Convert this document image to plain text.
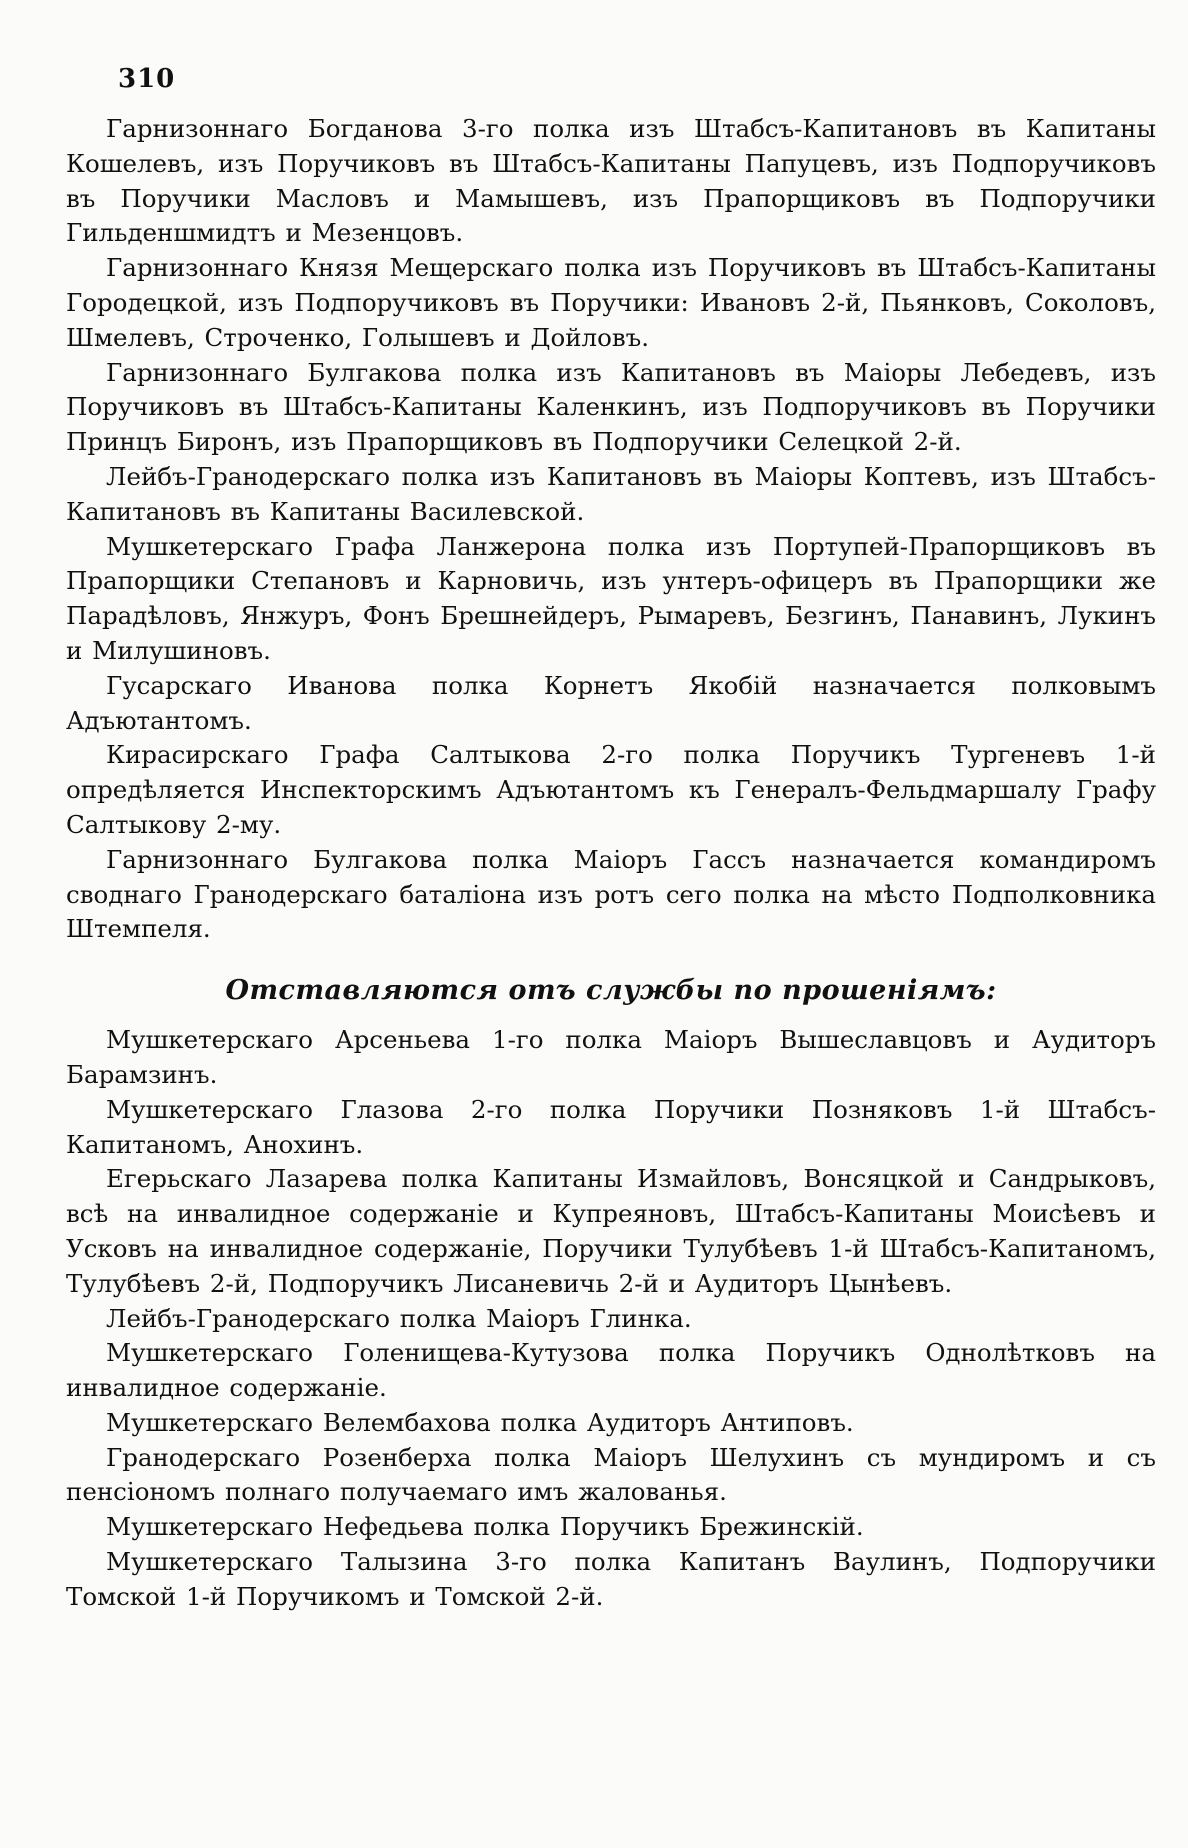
310

Гарнизоннаго Богданова 3-го полка изъ Штабсъ-Капитановъ въ Капитаны Кошелевъ, изъ Поручиковъ въ Штабсъ-Капитаны Папуцевъ, изъ Подпоручиковъ въ Поручики Масловъ и Мамышевъ, изъ Прапорщиковъ въ Подпоручики Гильденшмидтъ и Мезенцовъ.

Гарнизоннаго Князя Мещерскаго полка изъ Поручиковъ въ Штабсъ-Капитаны Городецкой, изъ Подпоручиковъ въ Поручики: Ивановъ 2-й, Пьянковъ, Соколовъ, Шмелевъ, Строченко, Голышевъ и Дойловъ.

Гарнизоннаго Булгакова полка изъ Капитановъ въ Маіоры Лебедевъ, изъ Поручиковъ въ Штабсъ-Капитаны Каленкинъ, изъ Подпоручиковъ въ Поручики Принцъ Биронъ, изъ Прапорщиковъ въ Подпоручики Селецкой 2-й.

Лейбъ-Гранодерскаго полка изъ Капитановъ въ Маіоры Коптевъ, изъ Штабсъ-Капитановъ въ Капитаны Василевской.

Мушкетерскаго Графа Ланжерона полка изъ Портупей-Прапорщиковъ въ Прапорщики Степановъ и Карновичь, изъ унтеръ-офицеръ въ Прапорщики же Парадѣловъ, Янжуръ, Фонъ Брешнейдеръ, Рымаревъ, Безгинъ, Панавинъ, Лукинъ и Милушиновъ.

Гусарскаго Иванова полка Корнетъ Якобій назначается полковымъ Адъютантомъ.

Кирасирскаго Графа Салтыкова 2-го полка Поручикъ Тургеневъ 1-й опредѣляется Инспекторскимъ Адъютантомъ къ Генералъ-Фельдмаршалу Графу Салтыкову 2-му.

Гарнизоннаго Булгакова полка Маіоръ Гассъ назначается командиромъ своднаго Гранодерскаго баталіона изъ ротъ сего полка на мѣсто Подполковника Штемпеля.

Отставляются отъ службы по прошеніямъ:

Мушкетерскаго Арсеньева 1-го полка Маіоръ Вышеславцовъ и Аудиторъ Барамзинъ.

Мушкетерскаго Глазова 2-го полка Поручики Позняковъ 1-й Штабсъ-Капитаномъ, Анохинъ.

Егерьскаго Лазарева полка Капитаны Измайловъ, Вонсяцкой и Сандрыковъ, всѣ на инвалидное содержаніе и Купреяновъ, Штабсъ-Капитаны Моисѣевъ и Усковъ на инвалидное содержаніе, Поручики Тулубѣевъ 1-й Штабсъ-Капитаномъ, Тулубѣевъ 2-й, Подпоручикъ Лисаневичь 2-й и Аудиторъ Цынѣевъ.

Лейбъ-Гранодерскаго полка Маіоръ Глинка.

Мушкетерскаго Голенищева-Кутузова полка Поручикъ Однолѣтковъ на инвалидное содержаніе.

Мушкетерскаго Велембахова полка Аудиторъ Антиповъ.

Гранодерскаго Розенберха полка Маіоръ Шелухинъ съ мундиромъ и съ пенсіономъ полнаго получаемаго имъ жалованья.

Мушкетерскаго Нефедьева полка Поручикъ Брежинскій.

Мушкетерскаго Талызина 3-го полка Капитанъ Ваулинъ, Подпоручики Томской 1-й Поручикомъ и Томской 2-й.
